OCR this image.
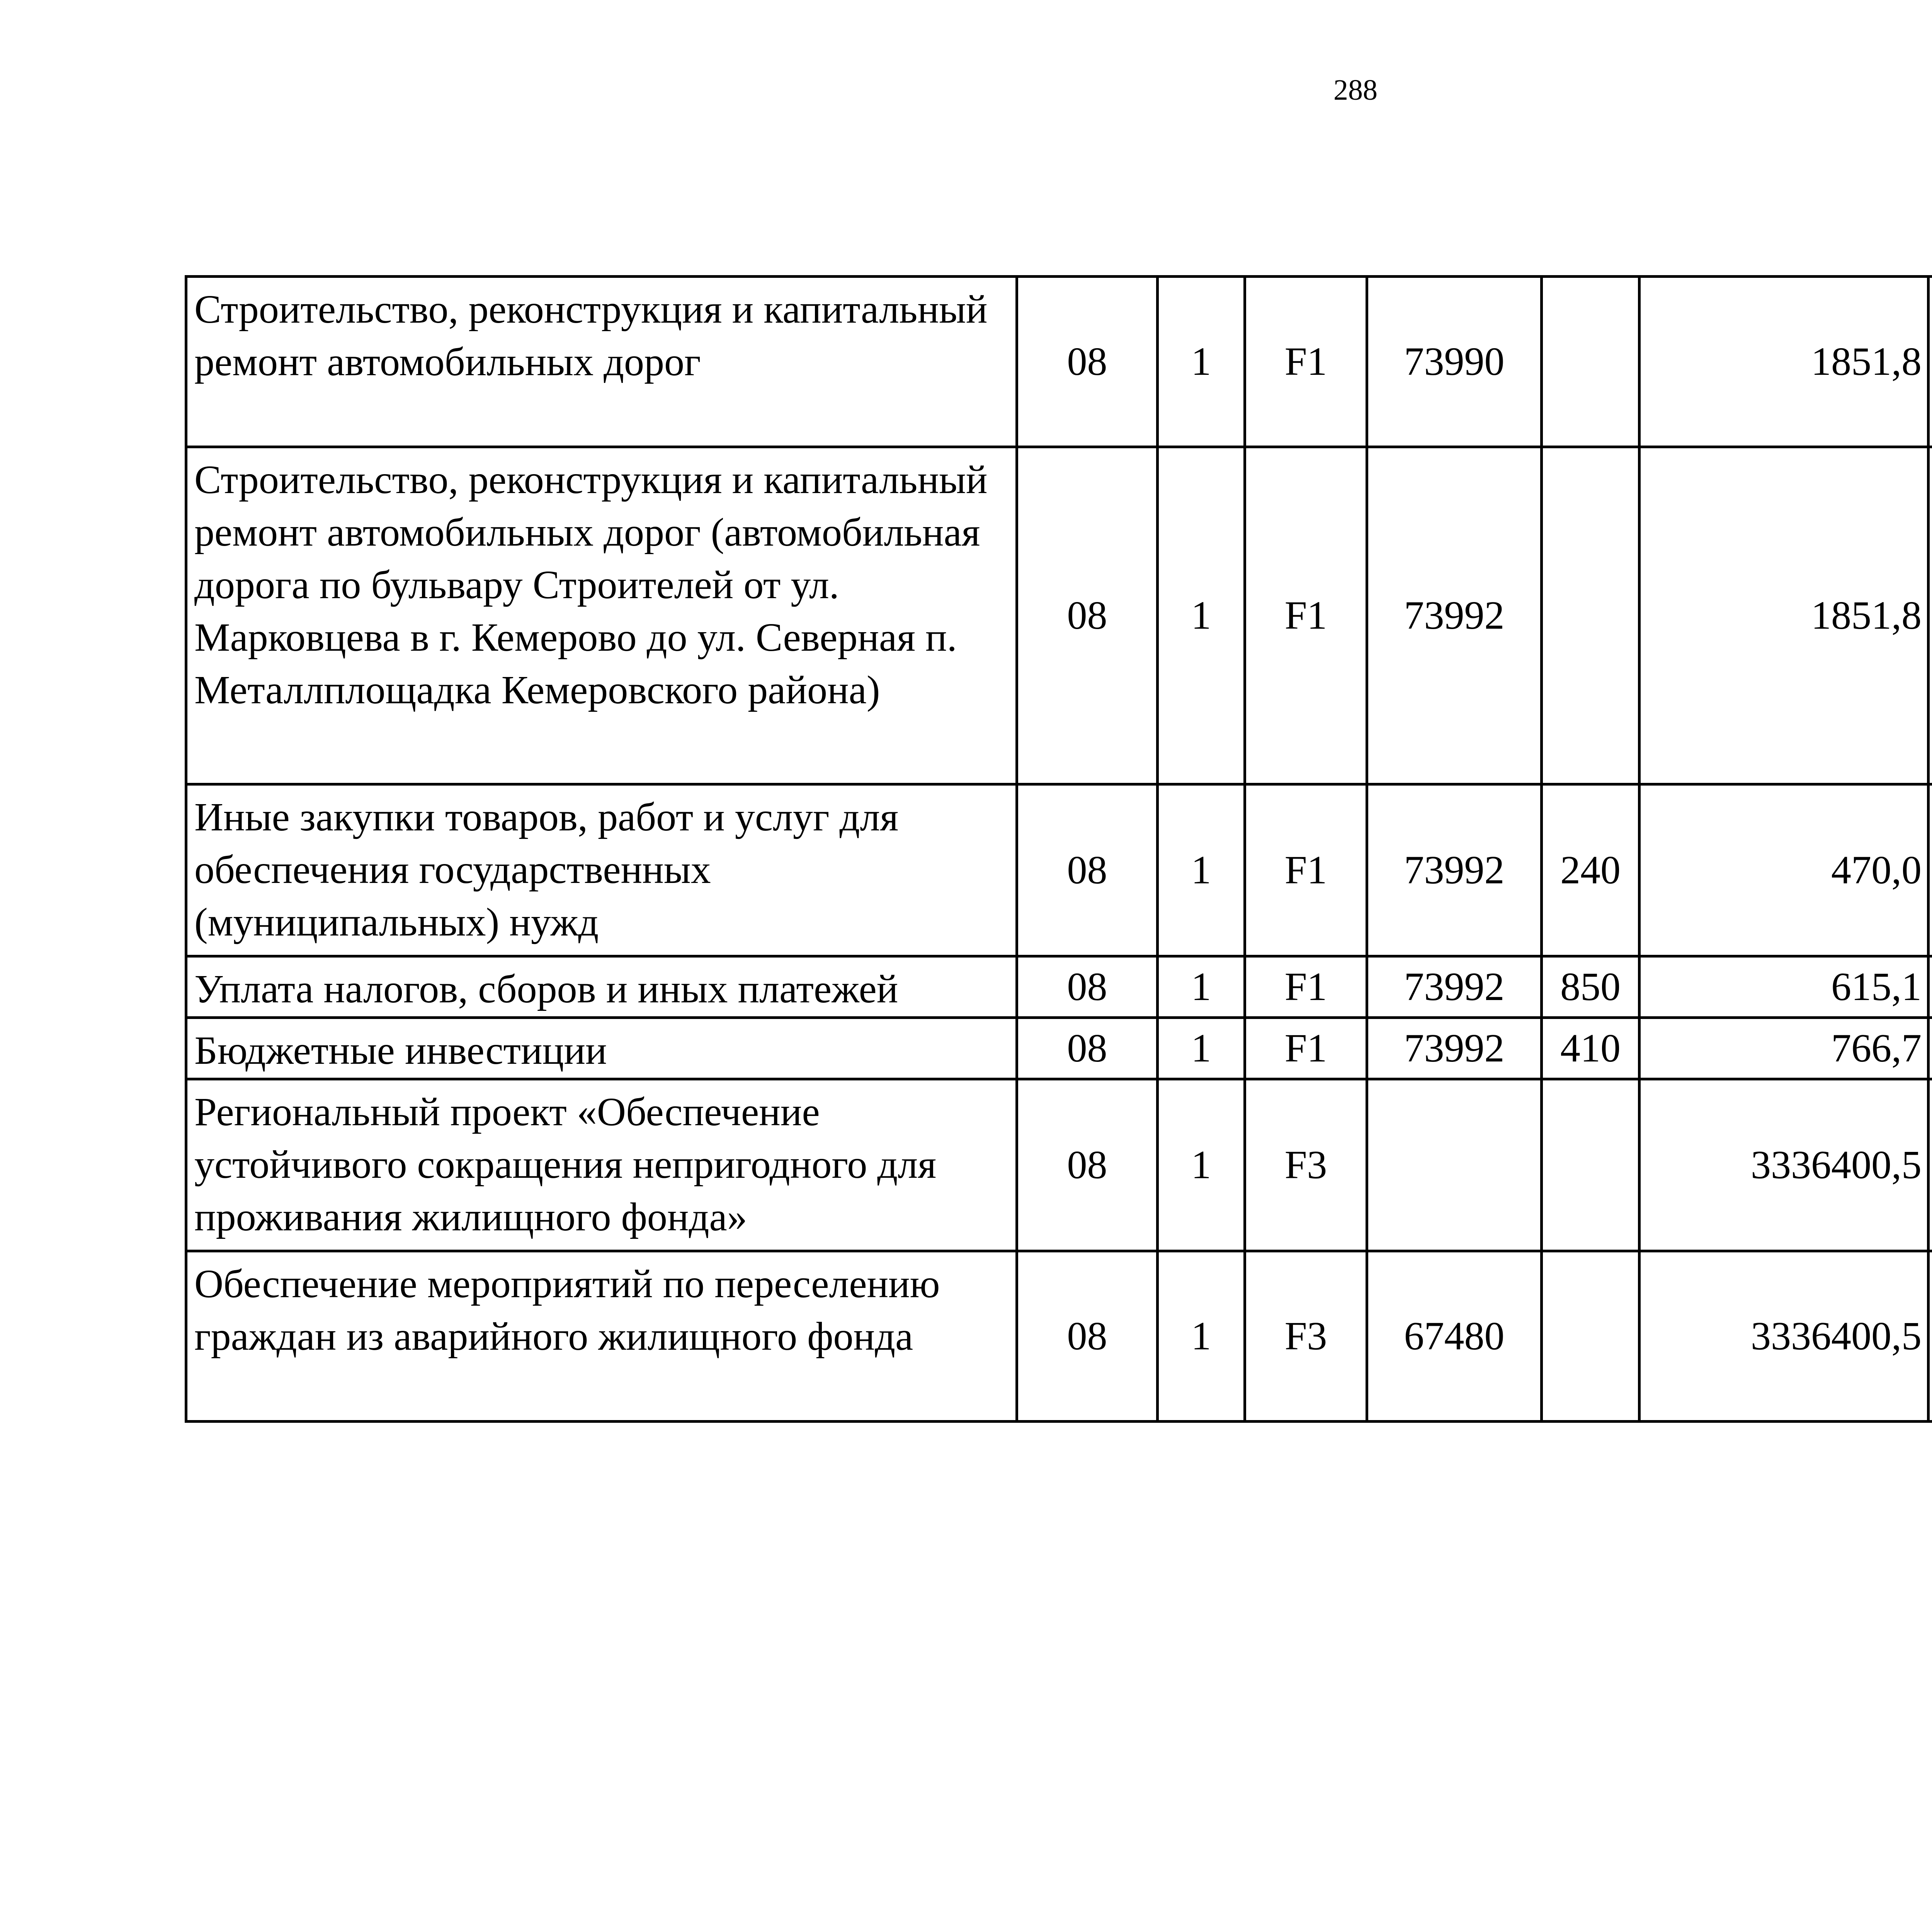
288
Строительство, реконструкция и капитальный ремонт автомобильных дорог	08	1	F1	73990		1851,8		
Строительство, реконструкция и капитальный ремонт автомобильных дорог (автомобильная дорога по бульвару Строителей от ул. Марковцева в г. Кемерово до ул. Северная п. Металлплощадка Кемеровского района)	08	1	F1	73992		1851,8		
Иные закупки товаров, работ и услуг для обеспечения государственных (муниципальных) нужд	08	1	F1	73992	240	470,0		
Уплата налогов, сборов и иных платежей	08	1	F1	73992	850	615,1		
Бюджетные инвестиции	08	1	F1	73992	410	766,7		
Региональный проект «Обеспечение устойчивого сокращения непригодного для проживания жилищного фонда»	08	1	F3			3336400,5		
Обеспечение мероприятий по переселению граждан из аварийного жилищного фонда	08	1	F3	67480		3336400,5		
